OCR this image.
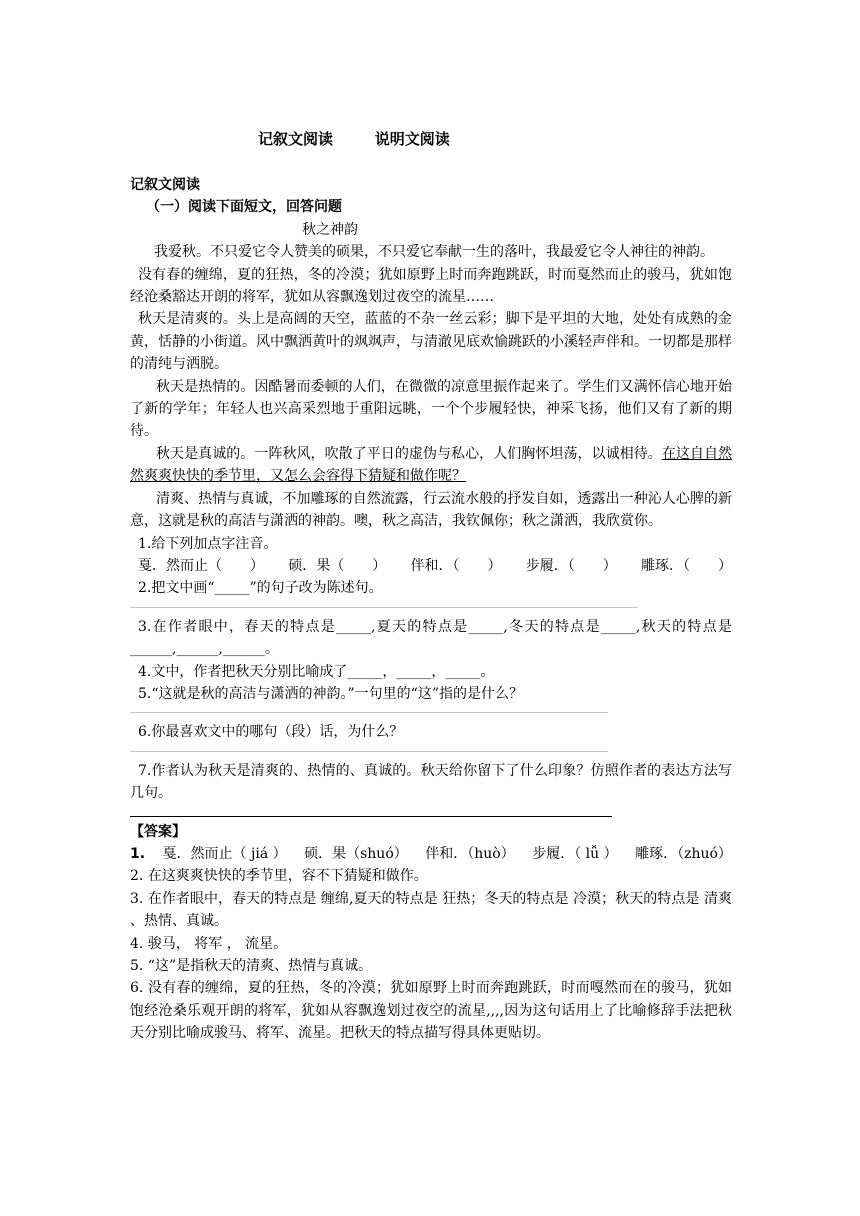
记叙文阅读        说明文阅读
记叙文阅读
（一）阅读下面短文，回答问题
秋之神韵

我爱秋。不只爱它令人赞美的硕果，不只爱它奉献一生的落叶，我最爱它令人神往的神韵。

没有春的缠绵，夏的狂热，冬的冷漠；犹如原野上时而奔跑跳跃，时而戛然而止的骏马，犹如饱经沧桑豁达开朗的将军，犹如从容飘逸划过夜空的流星……

秋天是清爽的。头上是高阔的天空，蓝蓝的不杂一丝云彩；脚下是平坦的大地，处处有成熟的金黄，恬静的小街道。风中飘洒黄叶的飒飒声，与清澈见底欢愉跳跃的小溪轻声伴和。一切都是那样的清纯与洒脱。

秋天是热情的。因酷暑而委顿的人们，在微微的凉意里振作起来了。学生们又满怀信心地开始了新的学年；年轻人也兴高采烈地于重阳远眺，一个个步履轻快，神采飞扬，他们又有了新的期待。

秋天是真诚的。一阵秋风，吹散了平日的虚伪与私心，人们胸怀坦荡，以诚相待。在这自自然然爽爽快快的季节里，又怎么会容得下猜疑和做作呢？

清爽、热情与真诚，不加雕琢的自然流露，行云流水般的抒发自如，透露出一种沁人心脾的新意，这就是秋的高洁与潇洒的神韵。噢，秋之高洁，我钦佩你；秋之潇洒，我欣赏你。

1.给下列加点字注音。
戛．然而止（　　） 硕．果（　　） 伴和．（　　） 步履．（　　） 雕琢．（　　）
2.把文中画“_____”的句子改为陈述句。

3.在作者眼中，春天的特点是_____,夏天的特点是_____,冬天的特点是_____,秋天的特点是______,______,______。

4.文中，作者把秋天分别比喻成了_____，_____，_____。
5.“这就是秋的高洁与潇洒的神韵。”一句里的“这”指的是什么？
6.你最喜欢文中的哪句（段）话，为什么？

7.作者认为秋天是清爽的、热情的、真诚的。秋天给你留下了什么印象？仿照作者的表达方法写几句。

【答案】
1. 戛．然而止（ jiá ） 硕．果（shuó） 伴和．（huò） 步履．（ lǚ ） 雕琢．（zhuó）

2. 在这爽爽快快的季节里，容不下猜疑和做作。

3. 在作者眼中，春天的特点是 缠绵,夏天的特点是 狂热；冬天的特点是 冷漠；秋天的特点是 清爽 、热情、真诚。

4. 骏马， 将军 ， 流星。

5. “这”是指秋天的清爽、热情与真诚。

6. 没有春的缠绵，夏的狂热，冬的冷漠；犹如原野上时而奔跑跳跃，时而嘎然而在的骏马，犹如饱经沧桑乐观开朗的将军，犹如从容飘逸划过夜空的流星,,,,因为这句话用上了比喻修辞手法把秋天分别比喻成骏马、将军、流星。把秋天的特点描写得具体更贴切。
